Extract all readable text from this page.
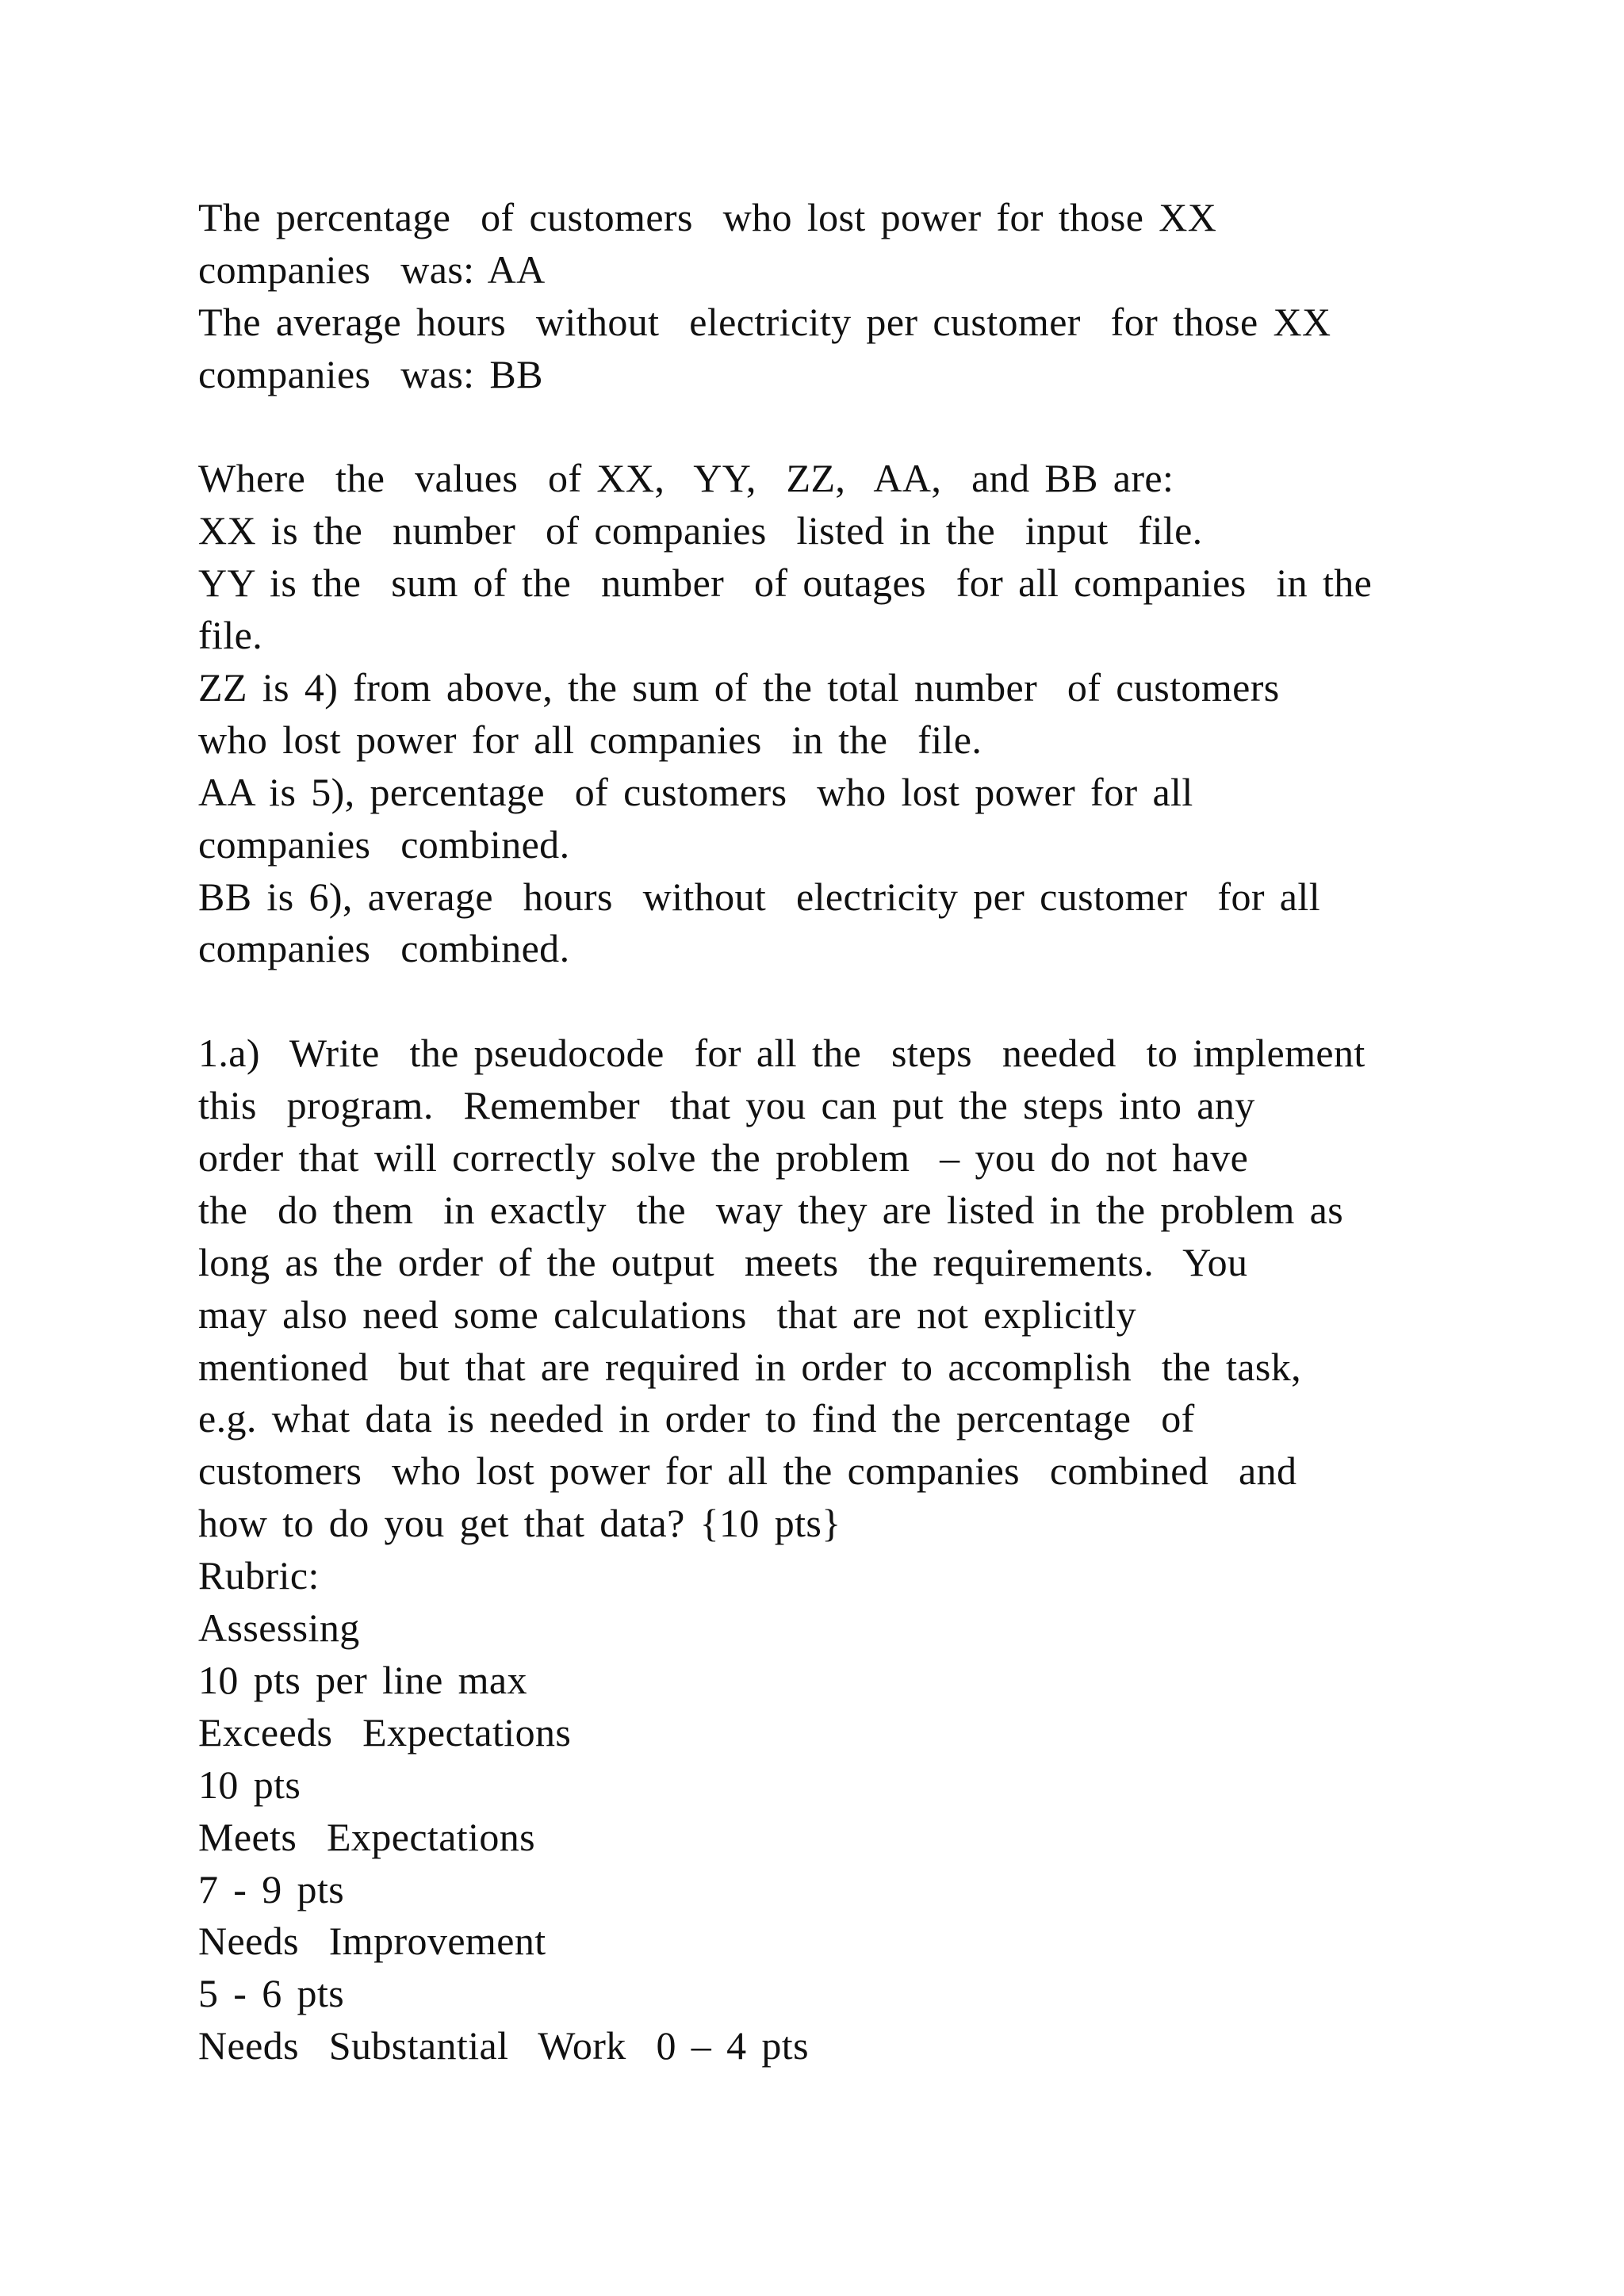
The percentage  of customers  who lost power for those XX
companies  was: AA
The average hours  without  electricity per customer  for those XX
companies  was: BB
Where  the  values  of XX,  YY,  ZZ,  AA,  and BB are:
XX is the  number  of companies  listed in the  input  file.
YY is the  sum of the  number  of outages  for all companies  in the
file.
ZZ is 4) from above, the sum of the total number  of customers
who lost power for all companies  in the  file.
AA is 5), percentage  of customers  who lost power for all
companies  combined.
BB is 6), average  hours  without  electricity per customer  for all
companies  combined.
1.a)  Write  the pseudocode  for all the  steps  needed  to implement
this  program.  Remember  that you can put the steps into any
order that will correctly solve the problem  – you do not have
the  do them  in exactly  the  way they are listed in the problem as
long as the order of the output  meets  the requirements.  You
may also need some calculations  that are not explicitly
mentioned  but that are required in order to accomplish  the task,
e.g. what data is needed in order to find the percentage  of
customers  who lost power for all the companies  combined  and
how to do you get that data? {10 pts}
Rubric:
Assessing
10 pts per line max
Exceeds  Expectations
10 pts
Meets  Expectations
7 - 9 pts
Needs  Improvement
5 - 6 pts
Needs  Substantial  Work  0 – 4 pts
